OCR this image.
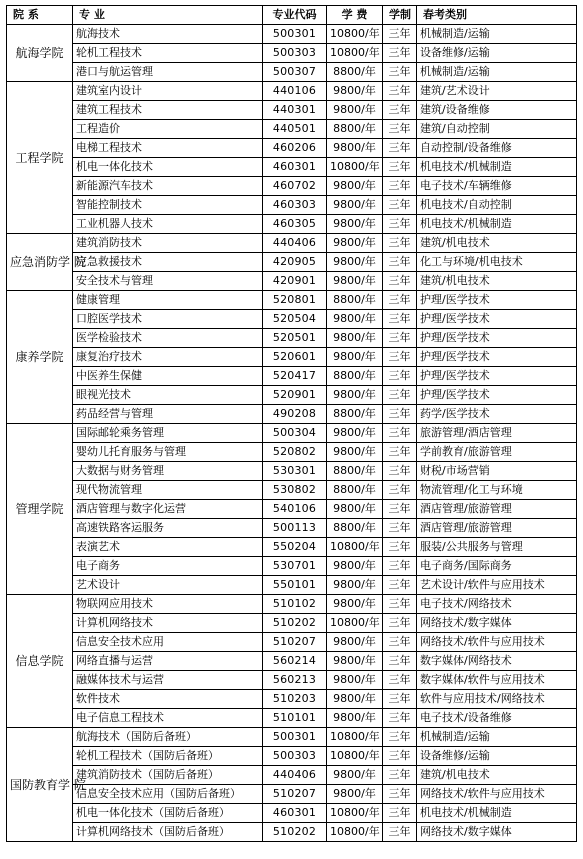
院 系	专 业	专业代码	学 费	学制	春考类别
航海学院	航海技术	500301	10800/年	三年	机械制造/运输
	轮机工程技术	500303	10800/年	三年	设备维修/运输
	港口与航运管理	500307	8800/年	三年	机械制造/运输
工程学院	建筑室内设计	440106	9800/年	三年	建筑/艺术设计
	建筑工程技术	440301	9800/年	三年	建筑/设备维修
	工程造价	440501	8800/年	三年	建筑/自动控制
	电梯工程技术	460206	9800/年	三年	自动控制/设备维修
	机电一体化技术	460301	10800/年	三年	机电技术/机械制造
	新能源汽车技术	460702	9800/年	三年	电子技术/车辆维修
	智能控制技术	460303	9800/年	三年	机电技术/自动控制
	工业机器人技术	460305	9800/年	三年	机电技术/机械制造
应急消防学 院	建筑消防技术	440406	9800/年	三年	建筑/机电技术
	应急救援技术	420905	9800/年	三年	化工与环境/机电技术
	安全技术与管理	420901	9800/年	三年	建筑/机电技术
康养学院	健康管理	520801	8800/年	三年	护理/医学技术
	口腔医学技术	520504	9800/年	三年	护理/医学技术
	医学检验技术	520501	9800/年	三年	护理/医学技术
	康复治疗技术	520601	9800/年	三年	护理/医学技术
	中医养生保健	520417	8800/年	三年	护理/医学技术
	眼视光技术	520901	9800/年	三年	护理/医学技术
	药品经营与管理	490208	8800/年	三年	药学/医学技术
管理学院	国际邮轮乘务管理	500304	9800/年	三年	旅游管理/酒店管理
	婴幼儿托育服务与管理	520802	9800/年	三年	学前教育/旅游管理
	大数据与财务管理	530301	8800/年	三年	财税/市场营销
	现代物流管理	530802	8800/年	三年	物流管理/化工与环境
	酒店管理与数字化运营	540106	9800/年	三年	酒店管理/旅游管理
	高速铁路客运服务	500113	8800/年	三年	酒店管理/旅游管理
	表演艺术	550204	10800/年	三年	服装/公共服务与管理
	电子商务	530701	9800/年	三年	电子商务/国际商务
	艺术设计	550101	9800/年	三年	艺术设计/软件与应用技术
信息学院	物联网应用技术	510102	9800/年	三年	电子技术/网络技术
	计算机网络技术	510202	10800/年	三年	网络技术/数字媒体
	信息安全技术应用	510207	9800/年	三年	网络技术/软件与应用技术
	网络直播与运营	560214	9800/年	三年	数字媒体/网络技术
	融媒体技术与运营	560213	9800/年	三年	数字媒体/软件与应用技术
	软件技术	510203	9800/年	三年	软件与应用技术/网络技术
	电子信息工程技术	510101	9800/年	三年	电子技术/设备维修
国防教育学 院	航海技术（国防后备班）	500301	10800/年	三年	机械制造/运输
	轮机工程技术（国防后备班）	500303	10800/年	三年	设备维修/运输
	建筑消防技术（国防后备班）	440406	9800/年	三年	建筑/机电技术
	信息安全技术应用（国防后备班）	510207	9800/年	三年	网络技术/软件与应用技术
	机电一体化技术（国防后备班）	460301	10800/年	三年	机电技术/机械制造
	计算机网络技术（国防后备班）	510202	10800/年	三年	网络技术/数字媒体
